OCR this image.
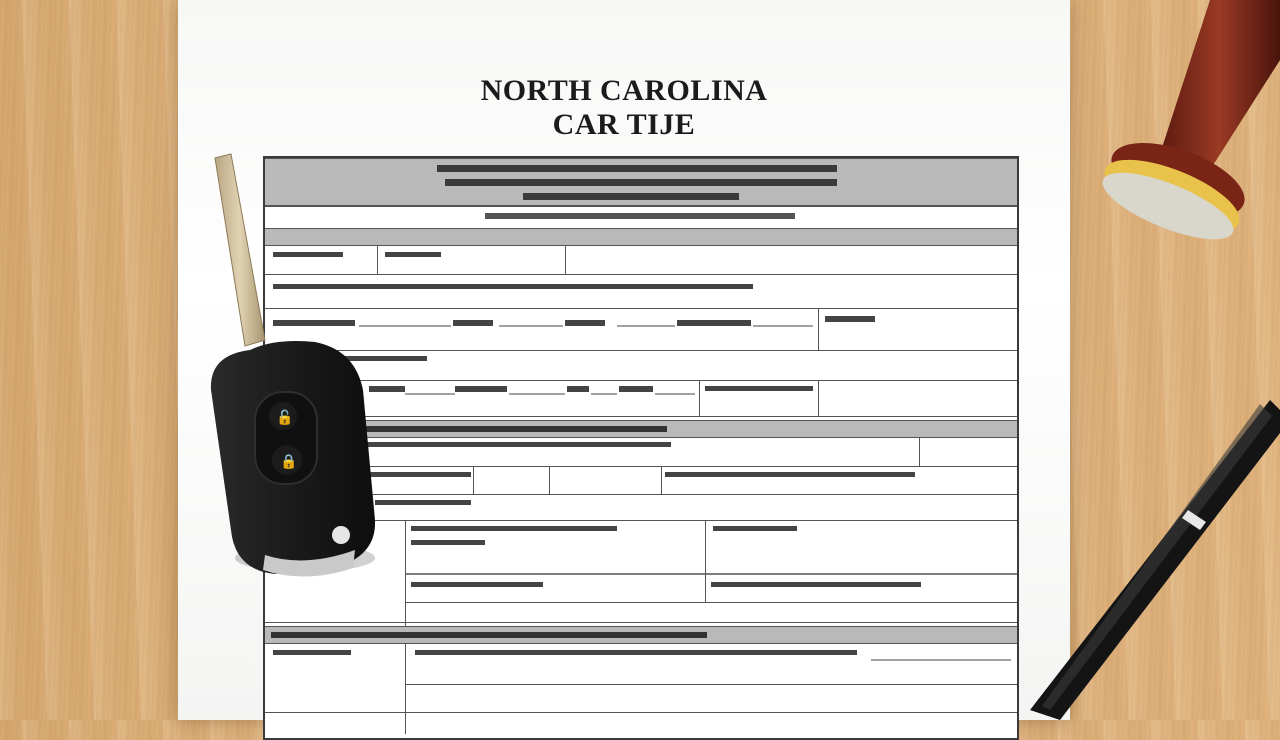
NORTH CAROLINA
CAR TIJE
🔓
🔒
